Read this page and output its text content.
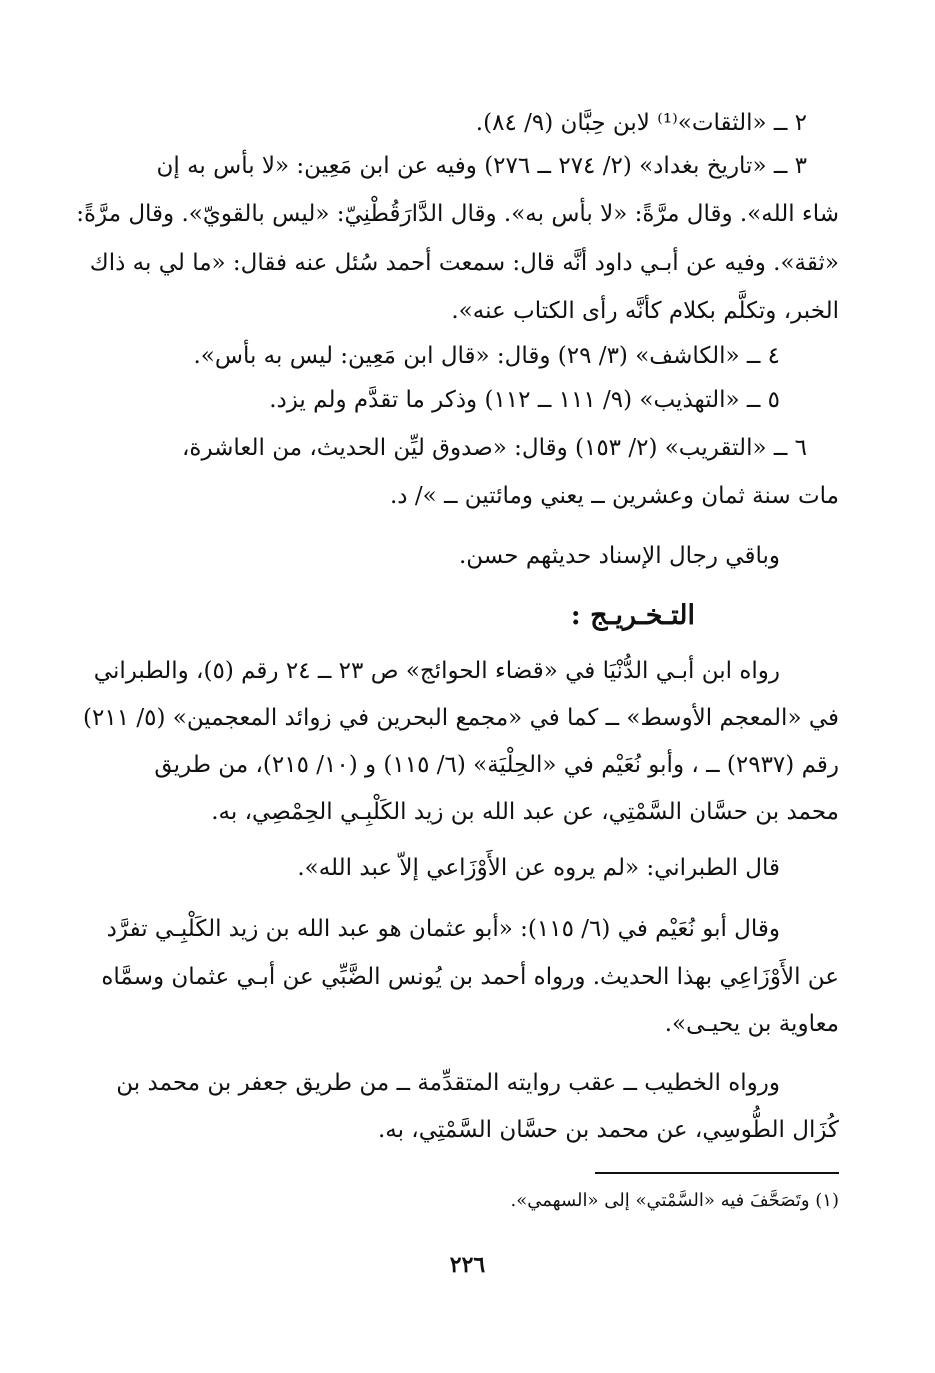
٢ ــ «الثقات»⁽¹⁾ لابن حِبَّان (٩/ ٨٤).
٣ ــ «تاريخ بغداد» (٢/ ٢٧٤ ــ ٢٧٦) وفيه عن ابن مَعِين: «لا بأس به إن
شاء الله». وقال مرَّةً: «لا بأس به». وقال الدَّارَقُطْنِيّ: «ليس بالقويّ». وقال مرَّةً:
«ثقة». وفيه عن أبـي داود أنَّه قال: سمعت أحمد سُئل عنه فقال: «ما لي به ذاك
الخبر، وتكلَّم بكلام كأنَّه رأى الكتاب عنه».
٤ ــ «الكاشف» (٣/ ٢٩) وقال: «قال ابن مَعِين: ليس به بأس».
٥ ــ «التهذيب» (٩/ ١١١ ــ ١١٢) وذكر ما تقدَّم ولم يزد.
٦ ــ «التقريب» (٢/ ١٥٣) وقال: «صدوق ليِّن الحديث، من العاشرة،
مات سنة ثمان وعشرين ــ يعني ومائتين ــ »/ د.
وباقي رجال الإسناد حديثهم حسن.
التـخـريـج :
رواه ابن أبـي الدُّنْيَا في «قضاء الحوائج» ص ٢٣ ــ ٢٤ رقم (٥)، والطبراني
في «المعجم الأوسط» ــ كما في «مجمع البحرين في زوائد المعجمين» (٥/ ٢١١)
رقم (٢٩٣٧) ــ ، وأبو نُعَيْم في «الحِلْيَة» (٦/ ١١٥) و (١٠/ ٢١٥)، من طريق
محمد بن حسَّان السَّمْتِي، عن عبد الله بن زيد الكَلْبِـي الحِمْصِي، به.
قال الطبراني: «لم يروه عن الأَوْزَاعي إلاّ عبد الله».
وقال أبو نُعَيْم في (٦/ ١١٥): «أبو عثمان هو عبد الله بن زيد الكَلْبِـي تفرَّد
عن الأَوْزَاعِي بهذا الحديث. ورواه أحمد بن يُونس الضَّبِّي عن أبـي عثمان وسمَّاه
معاوية بن يحيـى».
ورواه الخطيب ــ عقب روايته المتقدِّمة ــ من طريق جعفر بن محمد بن
كُزَال الطُّوسِي، عن محمد بن حسَّان السَّمْتِي، به.
(١) وتَصَحَّفَ فيه «السَّمْتي» إلى «السهمي».
٢٢٦
